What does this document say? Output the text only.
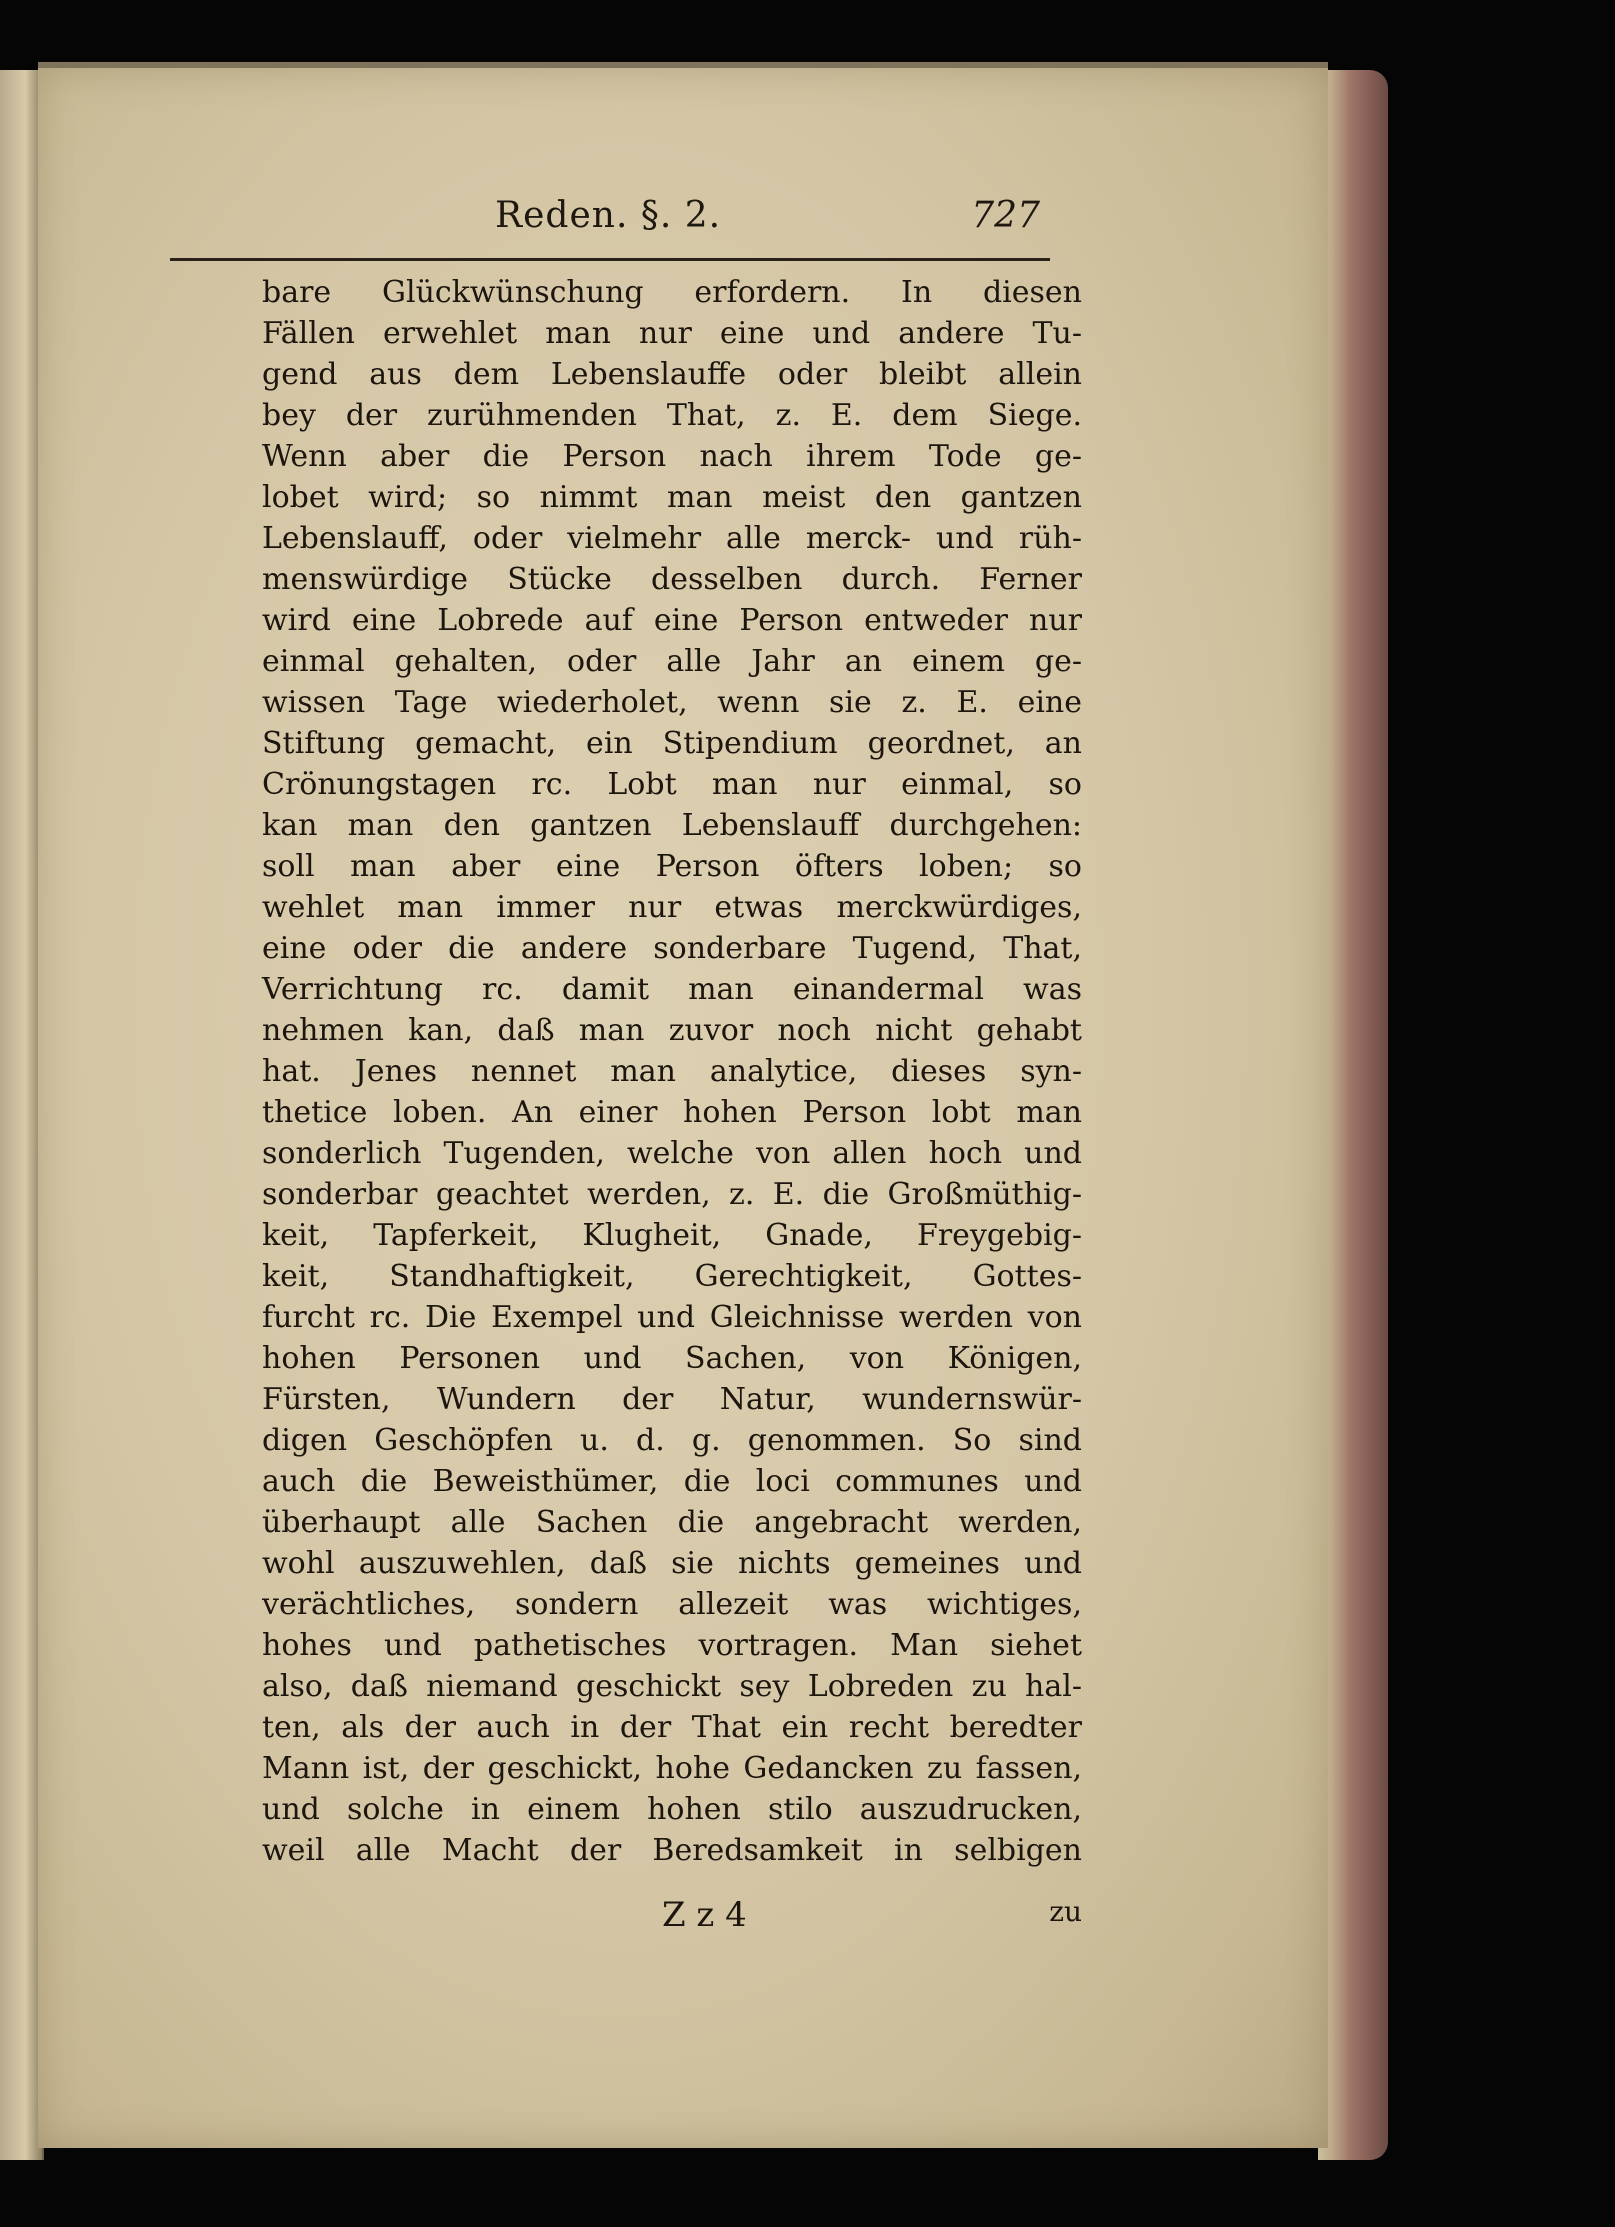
Reden. §. 2.	727
bare Glückwünschung erfordern. In diesen
Fällen erwehlet man nur eine und andere Tu-
gend aus dem Lebenslauffe oder bleibt allein
bey der zurühmenden That, z. E. dem Siege.
Wenn aber die Person nach ihrem Tode ge-
lobet wird; so nimmt man meist den gantzen
Lebenslauff, oder vielmehr alle merck- und rüh-
menswürdige Stücke desselben durch. Ferner
wird eine Lobrede auf eine Person entweder nur
einmal gehalten, oder alle Jahr an einem ge-
wissen Tage wiederholet, wenn sie z. E. eine
Stiftung gemacht, ein Stipendium geordnet, an
Crönungstagen rc. Lobt man nur einmal, so
kan man den gantzen Lebenslauff durchgehen:
soll man aber eine Person öfters loben; so
wehlet man immer nur etwas merckwürdiges,
eine oder die andere sonderbare Tugend, That,
Verrichtung rc. damit man einandermal was
nehmen kan, daß man zuvor noch nicht gehabt
hat. Jenes nennet man analytice, dieses syn-
thetice loben. An einer hohen Person lobt man
sonderlich Tugenden, welche von allen hoch und
sonderbar geachtet werden, z. E. die Großmüthig-
keit, Tapferkeit, Klugheit, Gnade, Freygebig-
keit, Standhaftigkeit, Gerechtigkeit, Gottes-
furcht rc. Die Exempel und Gleichnisse werden von
hohen Personen und Sachen, von Königen,
Fürsten, Wundern der Natur, wundernswür-
digen Geschöpfen u. d. g. genommen. So sind
auch die Beweisthümer, die loci communes und
überhaupt alle Sachen die angebracht werden,
wohl auszuwehlen, daß sie nichts gemeines und
verächtliches, sondern allezeit was wichtiges,
hohes und pathetisches vortragen. Man siehet
also, daß niemand geschickt sey Lobreden zu hal-
ten, als der auch in der That ein recht beredter
Mann ist, der geschickt, hohe Gedancken zu fassen,
und solche in einem hohen stilo auszudrucken,
weil alle Macht der Beredsamkeit in selbigen
Z z 4	zu
